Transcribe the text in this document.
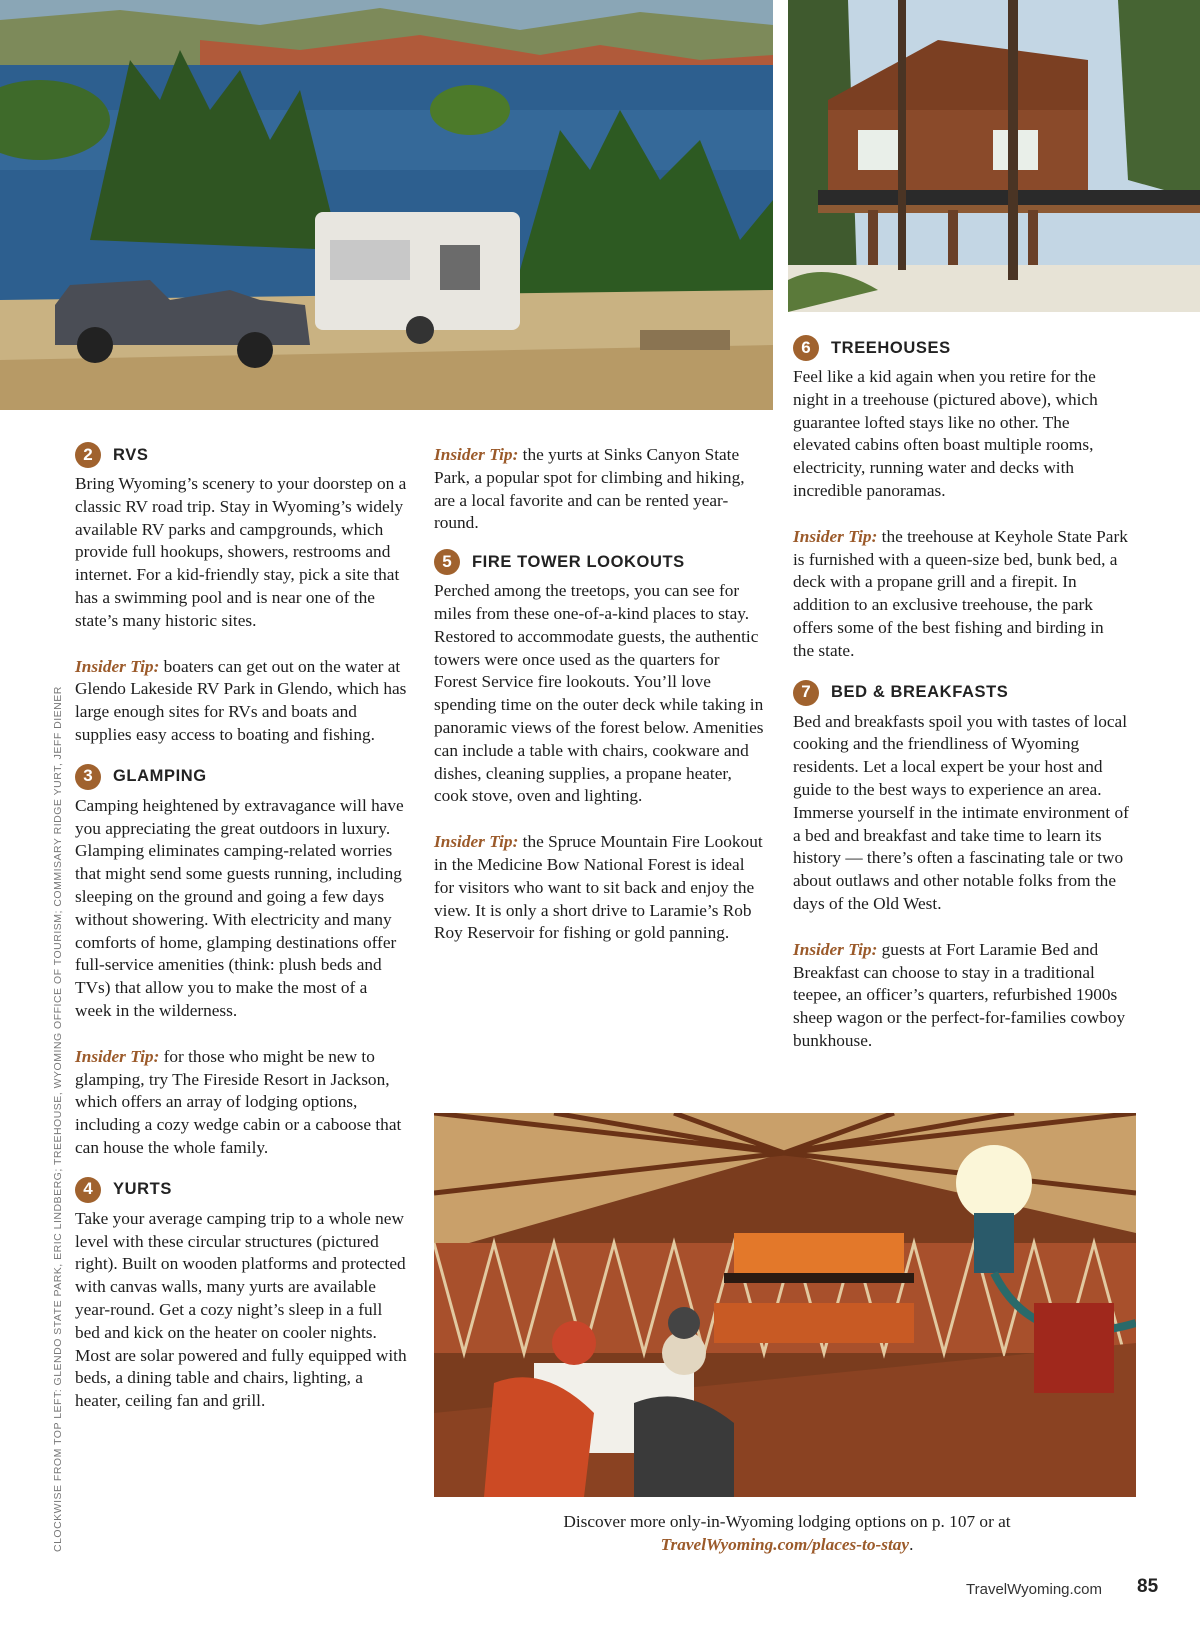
2	RVS

Bring Wyoming’s scenery to your doorstep on a classic RV road trip. Stay in Wyoming’s widely available RV parks and campgrounds, which provide full hookups, showers, restrooms and internet. For a kid-friendly stay, pick a site that has a swimming pool and is near one of the state’s many historic sites.

Insider Tip: boaters can get out on the water at Glendo Lakeside RV Park in Glendo, which has large enough sites for RVs and boats and supplies easy access to boating and fishing.

3	GLAMPING

Camping heightened by extravagance will have you appreciating the great outdoors in luxury. Glamping eliminates camping-related worries that might send some guests running, including sleeping on the ground and going a few days without showering. With electricity and many comforts of home, glamping destinations offer full-service amenities (think: plush beds and TVs) that allow you to make the most of a week in the wilderness.

Insider Tip: for those who might be new to glamping, try The Fireside Resort in Jackson, which offers an array of lodging options, including a cozy wedge cabin or a caboose that can house the whole family.

4	YURTS

Take your average camping trip to a whole new level with these circular structures (pictured right). Built on wooden platforms and protected with canvas walls, many yurts are available year-round. Get a cozy night’s sleep in a full bed and kick on the heater on cooler nights. Most are solar powered and fully equipped with beds, a dining table and chairs, lighting, a heater, ceiling fan and grill.

Insider Tip: the yurts at Sinks Canyon State Park, a popular spot for climbing and hiking, are a local favorite and can be rented year-round.

5	FIRE TOWER LOOKOUTS

Perched among the treetops, you can see for miles from these one-of-a-kind places to stay. Restored to accommodate guests, the authentic towers were once used as the quarters for Forest Service fire lookouts. You’ll love spending time on the outer deck while taking in panoramic views of the forest below. Amenities can include a table with chairs, cookware and dishes, cleaning supplies, a propane heater, cook stove, oven and lighting.

Insider Tip: the Spruce Mountain Fire Lookout in the Medicine Bow National Forest is ideal for visitors who want to sit back and enjoy the view. It is only a short drive to Laramie’s Rob Roy Reservoir for fishing or gold panning.

6	TREEHOUSES

Feel like a kid again when you retire for the night in a treehouse (pictured above), which guarantee lofted stays like no other. The elevated cabins often boast multiple rooms, electricity, running water and decks with incredible panoramas.

Insider Tip: the treehouse at Keyhole State Park is furnished with a queen-size bed, bunk bed, a deck with a propane grill and a firepit. In addition to an exclusive treehouse, the park offers some of the best fishing and birding in the state.

7	BED & BREAKFASTS

Bed and breakfasts spoil you with tastes of local cooking and the friendliness of Wyoming residents. Let a local expert be your host and guide to the best ways to experience an area. Immerse yourself in the intimate environment of a bed and breakfast and take time to learn its history — there’s often a fascinating tale or two about outlaws and other notable folks from the days of the Old West.

Insider Tip: guests at Fort Laramie Bed and Breakfast can choose to stay in a traditional teepee, an officer’s quarters, refurbished 1900s sheep wagon or the perfect-for-families cowboy bunkhouse.

Discover more only-in-Wyoming lodging options on p. 107 or at
TravelWyoming.com/places-to-stay.
CLOCKWISE FROM TOP LEFT: GLENDO STATE PARK, ERIC LINDBERG; TREEHOUSE, WYOMING OFFICE OF TOURISM; COMMISARY RIDGE YURT, JEFF DIENER
TravelWyoming.com 85
